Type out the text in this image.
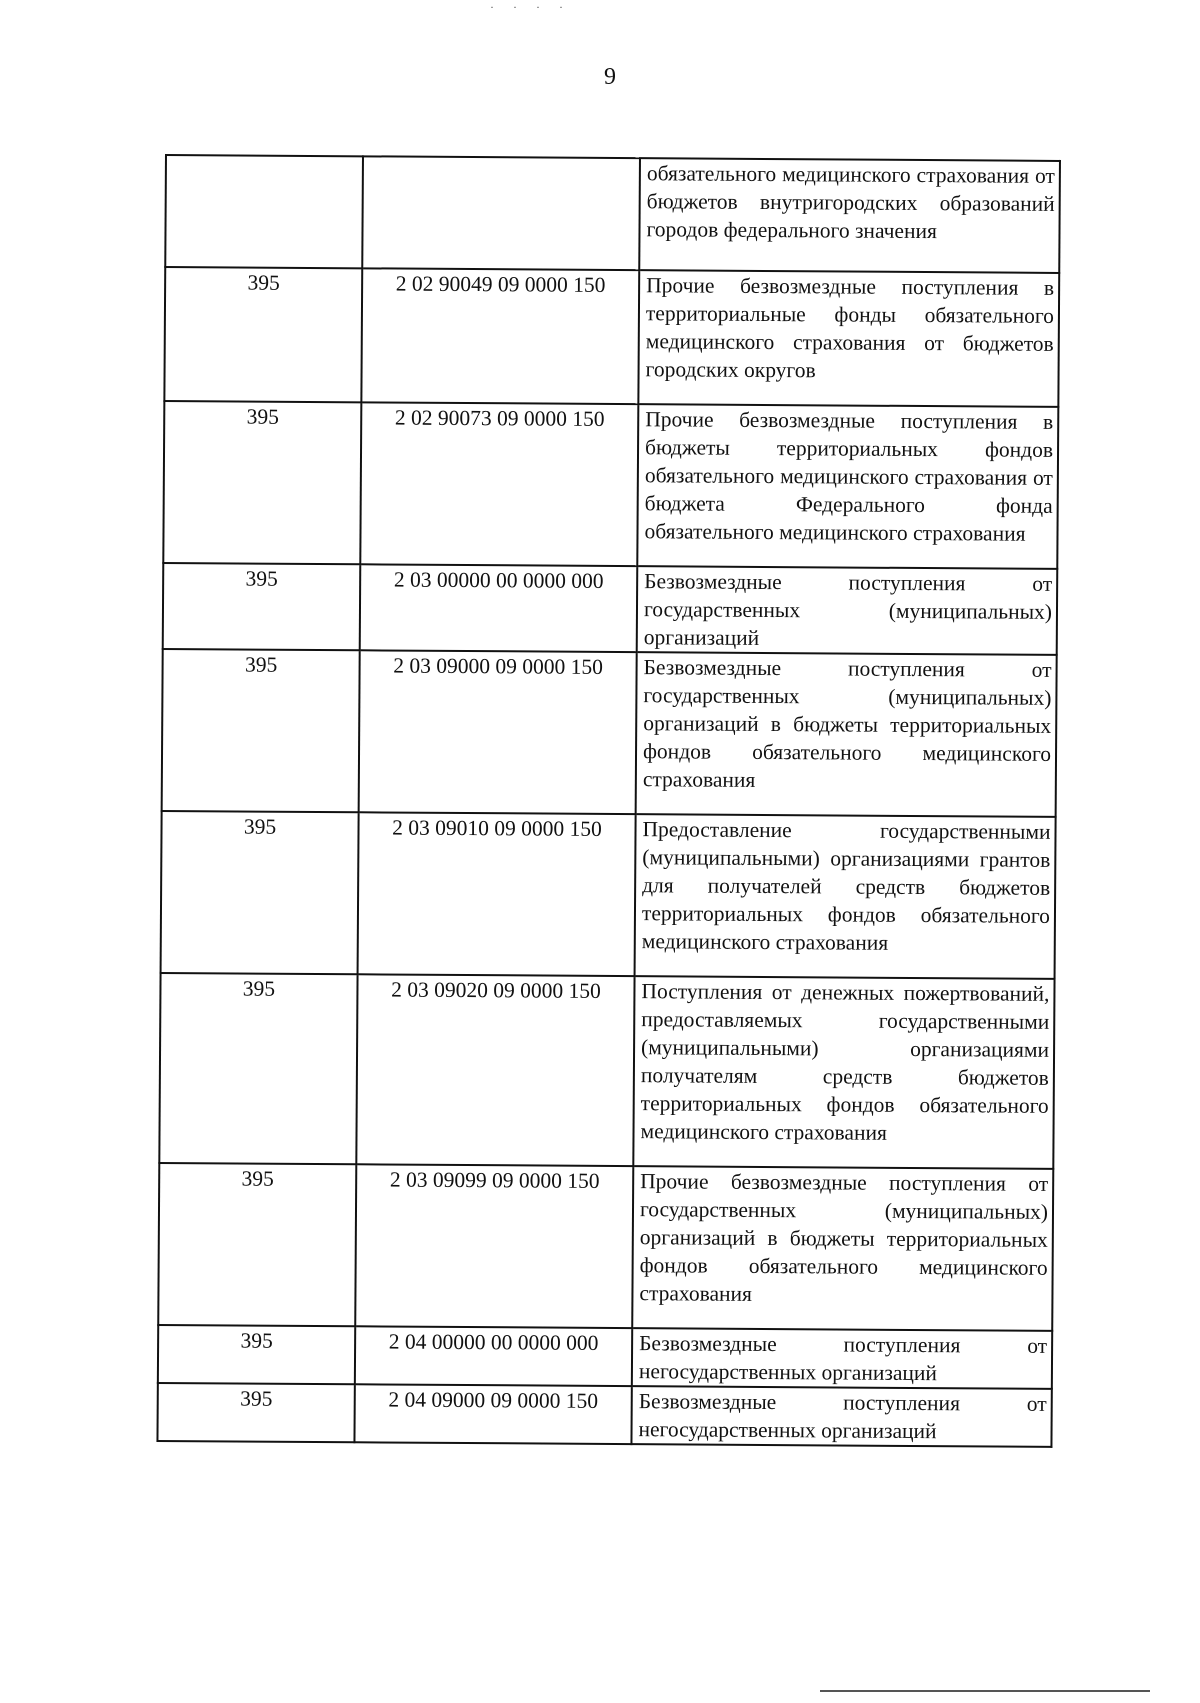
· · · ·
9

		обязательного медицинского страхования от бюджетов внутригородских образований городов федерального значения

395	2 02 90049 09 0000 150	Прочие безвозмездные поступления в территориальные фонды обязательного медицинского страхования от бюджетов городских округов

395	2 02 90073 09 0000 150	Прочие безвозмездные поступления в бюджеты территориальных фондов обязательного медицинского страхования от бюджета Федерального фонда обязательного медицинского страхования

395	2 03 00000 00 0000 000	Безвозмездные поступления от государственных (муниципальных) организаций

395	2 03 09000 09 0000 150	Безвозмездные поступления от государственных (муниципальных) организаций в бюджеты территориальных фондов обязательного медицинского страхования

395	2 03 09010 09 0000 150	Предоставление государственными (муниципальными) организациями грантов для получателей средств бюджетов территориальных фондов обязательного медицинского страхования

395	2 03 09020 09 0000 150	Поступления от денежных пожертвований, предоставляемых государственными (муниципальными) организациями получателям средств бюджетов территориальных фондов обязательного медицинского страхования

395	2 03 09099 09 0000 150	Прочие безвозмездные поступления от государственных (муниципальных) организаций в бюджеты территориальных фондов обязательного медицинского страхования

395	2 04 00000 00 0000 000	Безвозмездные поступления от негосударственных организаций

395	2 04 09000 09 0000 150	Безвозмездные поступления от негосударственных организаций
